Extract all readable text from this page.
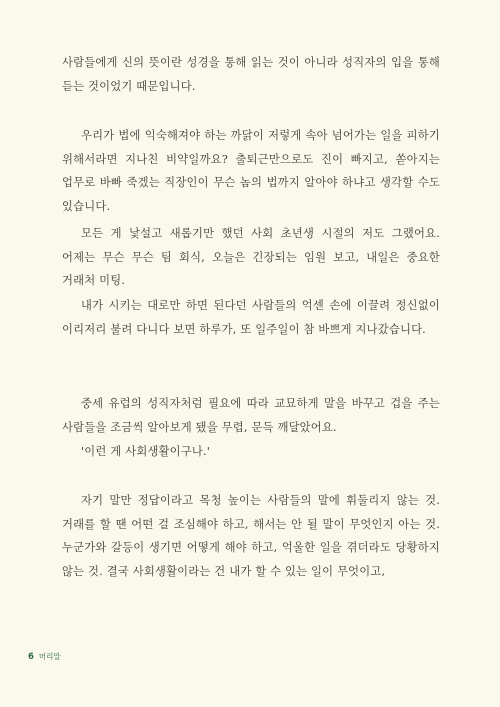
사람들에게 신의 뜻이란 성경을 통해 읽는 것이 아니라 성직자의 입을 통해 듣는 것이었기 때문입니다.

우리가 법에 익숙해져야 하는 까닭이 저렇게 속아 넘어가는 일을 피하기 위해서라면 지나친 비약일까요? 출퇴근만으로도 진이 빠지고, 쏟아지는 업무로 바빠 죽겠는 직장인이 무슨 놈의 법까지 알아야 하냐고 생각할 수도 있습니다.

모든 게 낯설고 새롭기만 했던 사회 초년생 시절의 저도 그랬어요. 어제는 무슨 무슨 팀 회식, 오늘은 긴장되는 임원 보고, 내일은 중요한 거래처 미팅.

내가 시키는 대로만 하면 된다던 사람들의 억센 손에 이끌려 정신없이 이리저리 불려 다니다 보면 하루가, 또 일주일이 참 바쁘게 지나갔습니다.

중세 유럽의 성직자처럼 필요에 따라 교묘하게 말을 바꾸고 겁을 주는 사람들을 조금씩 알아보게 됐을 무렵, 문득 깨달았어요.

'이런 게 사회생활이구나.'

자기 말만 정답이라고 목청 높이는 사람들의 말에 휘둘리지 않는 것. 거래를 할 땐 어떤 걸 조심해야 하고, 해서는 안 될 말이 무엇인지 아는 것. 누군가와 갈등이 생기면 어떻게 해야 하고, 억울한 일을 겪더라도 당황하지 않는 것. 결국 사회생활이라는 건 내가 할 수 있는 일이 무엇이고,

6 머리말
